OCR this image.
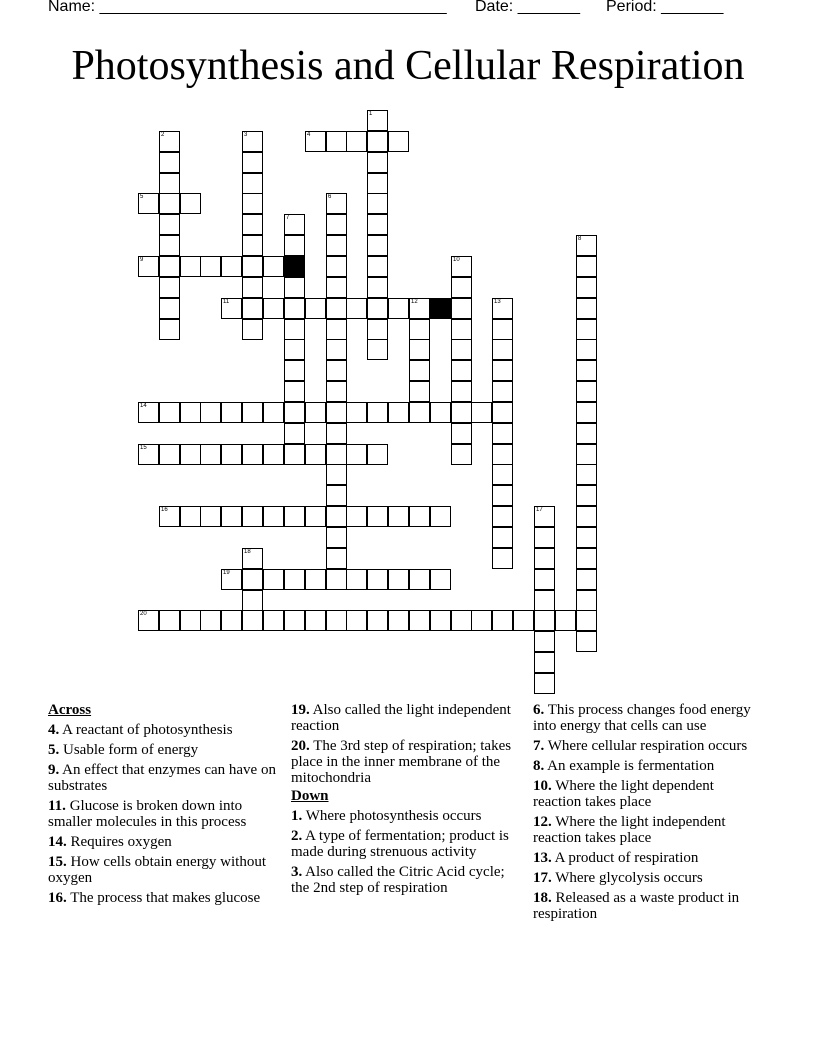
Name: _______________________________________ Date: _______ Period: _______
Photosynthesis and Cellular Respiration
4
5
9
11
14
15
16
19
20
1
2	3
6
7
8
10
12	13
17
18
Across
4. A reactant of photosynthesis
5. Usable form of energy
9. An effect that enzymes can have on substrates
11. Glucose is broken down into smaller molecules in this process
14. Requires oxygen
15. How cells obtain energy without oxygen
16. The process that makes glucose
19. Also called the light independent reaction
20. The 3rd step of respiration; takes place in the inner membrane of the mitochondria
Down
1. Where photosynthesis occurs
2. A type of fermentation; product is made during strenuous activity
3. Also called the Citric Acid cycle; the 2nd step of respiration
6. This process changes food energy into energy that cells can use
7. Where cellular respiration occurs
8. An example is fermentation
10. Where the light dependent reaction takes place
12. Where the light independent reaction takes place
13. A product of respiration
17. Where glycolysis occurs
18. Released as a waste product in respiration
